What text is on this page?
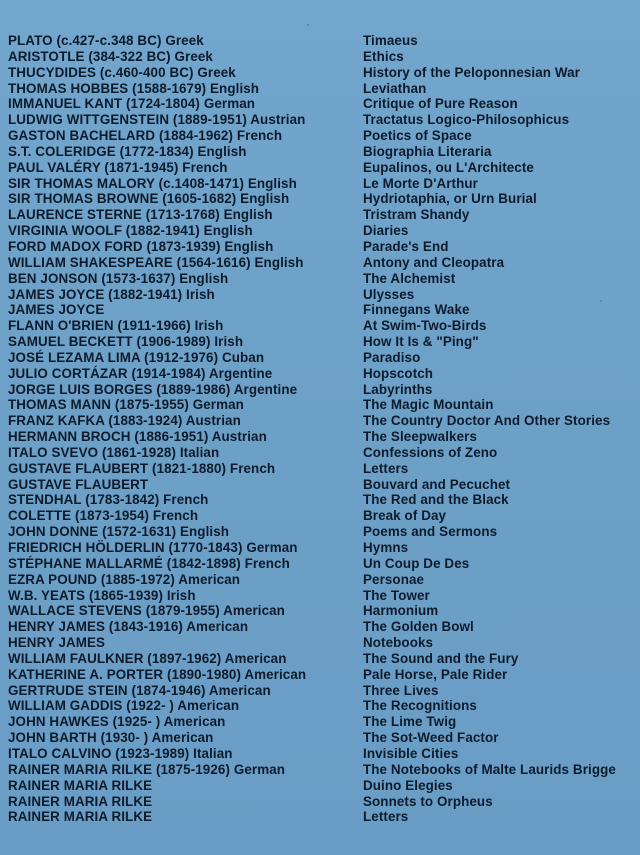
PLATO (c.427-c.348 BC) Greek	Timaeus
ARISTOTLE (384-322 BC) Greek	Ethics
THUCYDIDES (c.460-400 BC) Greek	History of the Peloponnesian War
THOMAS HOBBES (1588-1679) English	Leviathan
IMMANUEL KANT (1724-1804) German	Critique of Pure Reason
LUDWIG WITTGENSTEIN (1889-1951) Austrian	Tractatus Logico-Philosophicus
GASTON BACHELARD (1884-1962) French	Poetics of Space
S.T. COLERIDGE (1772-1834) English	Biographia Literaria
PAUL VALÉRY (1871-1945) French	Eupalinos, ou L'Architecte
SIR THOMAS MALORY (c.1408-1471) English	Le Morte D'Arthur
SIR THOMAS BROWNE (1605-1682) English	Hydriotaphia, or Urn Burial
LAURENCE STERNE (1713-1768) English	Tristram Shandy
VIRGINIA WOOLF (1882-1941) English	Diaries
FORD MADOX FORD (1873-1939) English	Parade's End
WILLIAM SHAKESPEARE (1564-1616) English	Antony and Cleopatra
BEN JONSON (1573-1637) English	The Alchemist
JAMES JOYCE (1882-1941) Irish	Ulysses
JAMES JOYCE	Finnegans Wake
FLANN O'BRIEN (1911-1966) Irish	At Swim-Two-Birds
SAMUEL BECKETT (1906-1989) Irish	How It Is & "Ping"
JOSÉ LEZAMA LIMA (1912-1976) Cuban	Paradiso
JULIO CORTÁZAR (1914-1984) Argentine	Hopscotch
JORGE LUIS BORGES (1889-1986) Argentine	Labyrinths
THOMAS MANN (1875-1955) German	The Magic Mountain
FRANZ KAFKA (1883-1924) Austrian	The Country Doctor And Other Stories
HERMANN BROCH (1886-1951) Austrian	The Sleepwalkers
ITALO SVEVO (1861-1928) Italian	Confessions of Zeno
GUSTAVE FLAUBERT (1821-1880) French	Letters
GUSTAVE FLAUBERT	Bouvard and Pecuchet
STENDHAL (1783-1842) French	The Red and the Black
COLETTE (1873-1954) French	Break of Day
JOHN DONNE (1572-1631) English	Poems and Sermons
FRIEDRICH HÖLDERLIN (1770-1843) German	Hymns
STÉPHANE MALLARMÉ (1842-1898) French	Un Coup De Des
EZRA POUND (1885-1972) American	Personae
W.B. YEATS (1865-1939) Irish	The Tower
WALLACE STEVENS (1879-1955) American	Harmonium
HENRY JAMES (1843-1916) American	The Golden Bowl
HENRY JAMES	Notebooks
WILLIAM FAULKNER (1897-1962) American	The Sound and the Fury
KATHERINE A. PORTER (1890-1980) American	Pale Horse, Pale Rider
GERTRUDE STEIN (1874-1946) American	Three Lives
WILLIAM GADDIS (1922- ) American	The Recognitions
JOHN HAWKES (1925- ) American	The Lime Twig
JOHN BARTH (1930- ) American	The Sot-Weed Factor
ITALO CALVINO (1923-1989) Italian	Invisible Cities
RAINER MARIA RILKE (1875-1926) German	The Notebooks of Malte Laurids Brigge
RAINER MARIA RILKE	Duino Elegies
RAINER MARIA RILKE	Sonnets to Orpheus
RAINER MARIA RILKE	Letters
